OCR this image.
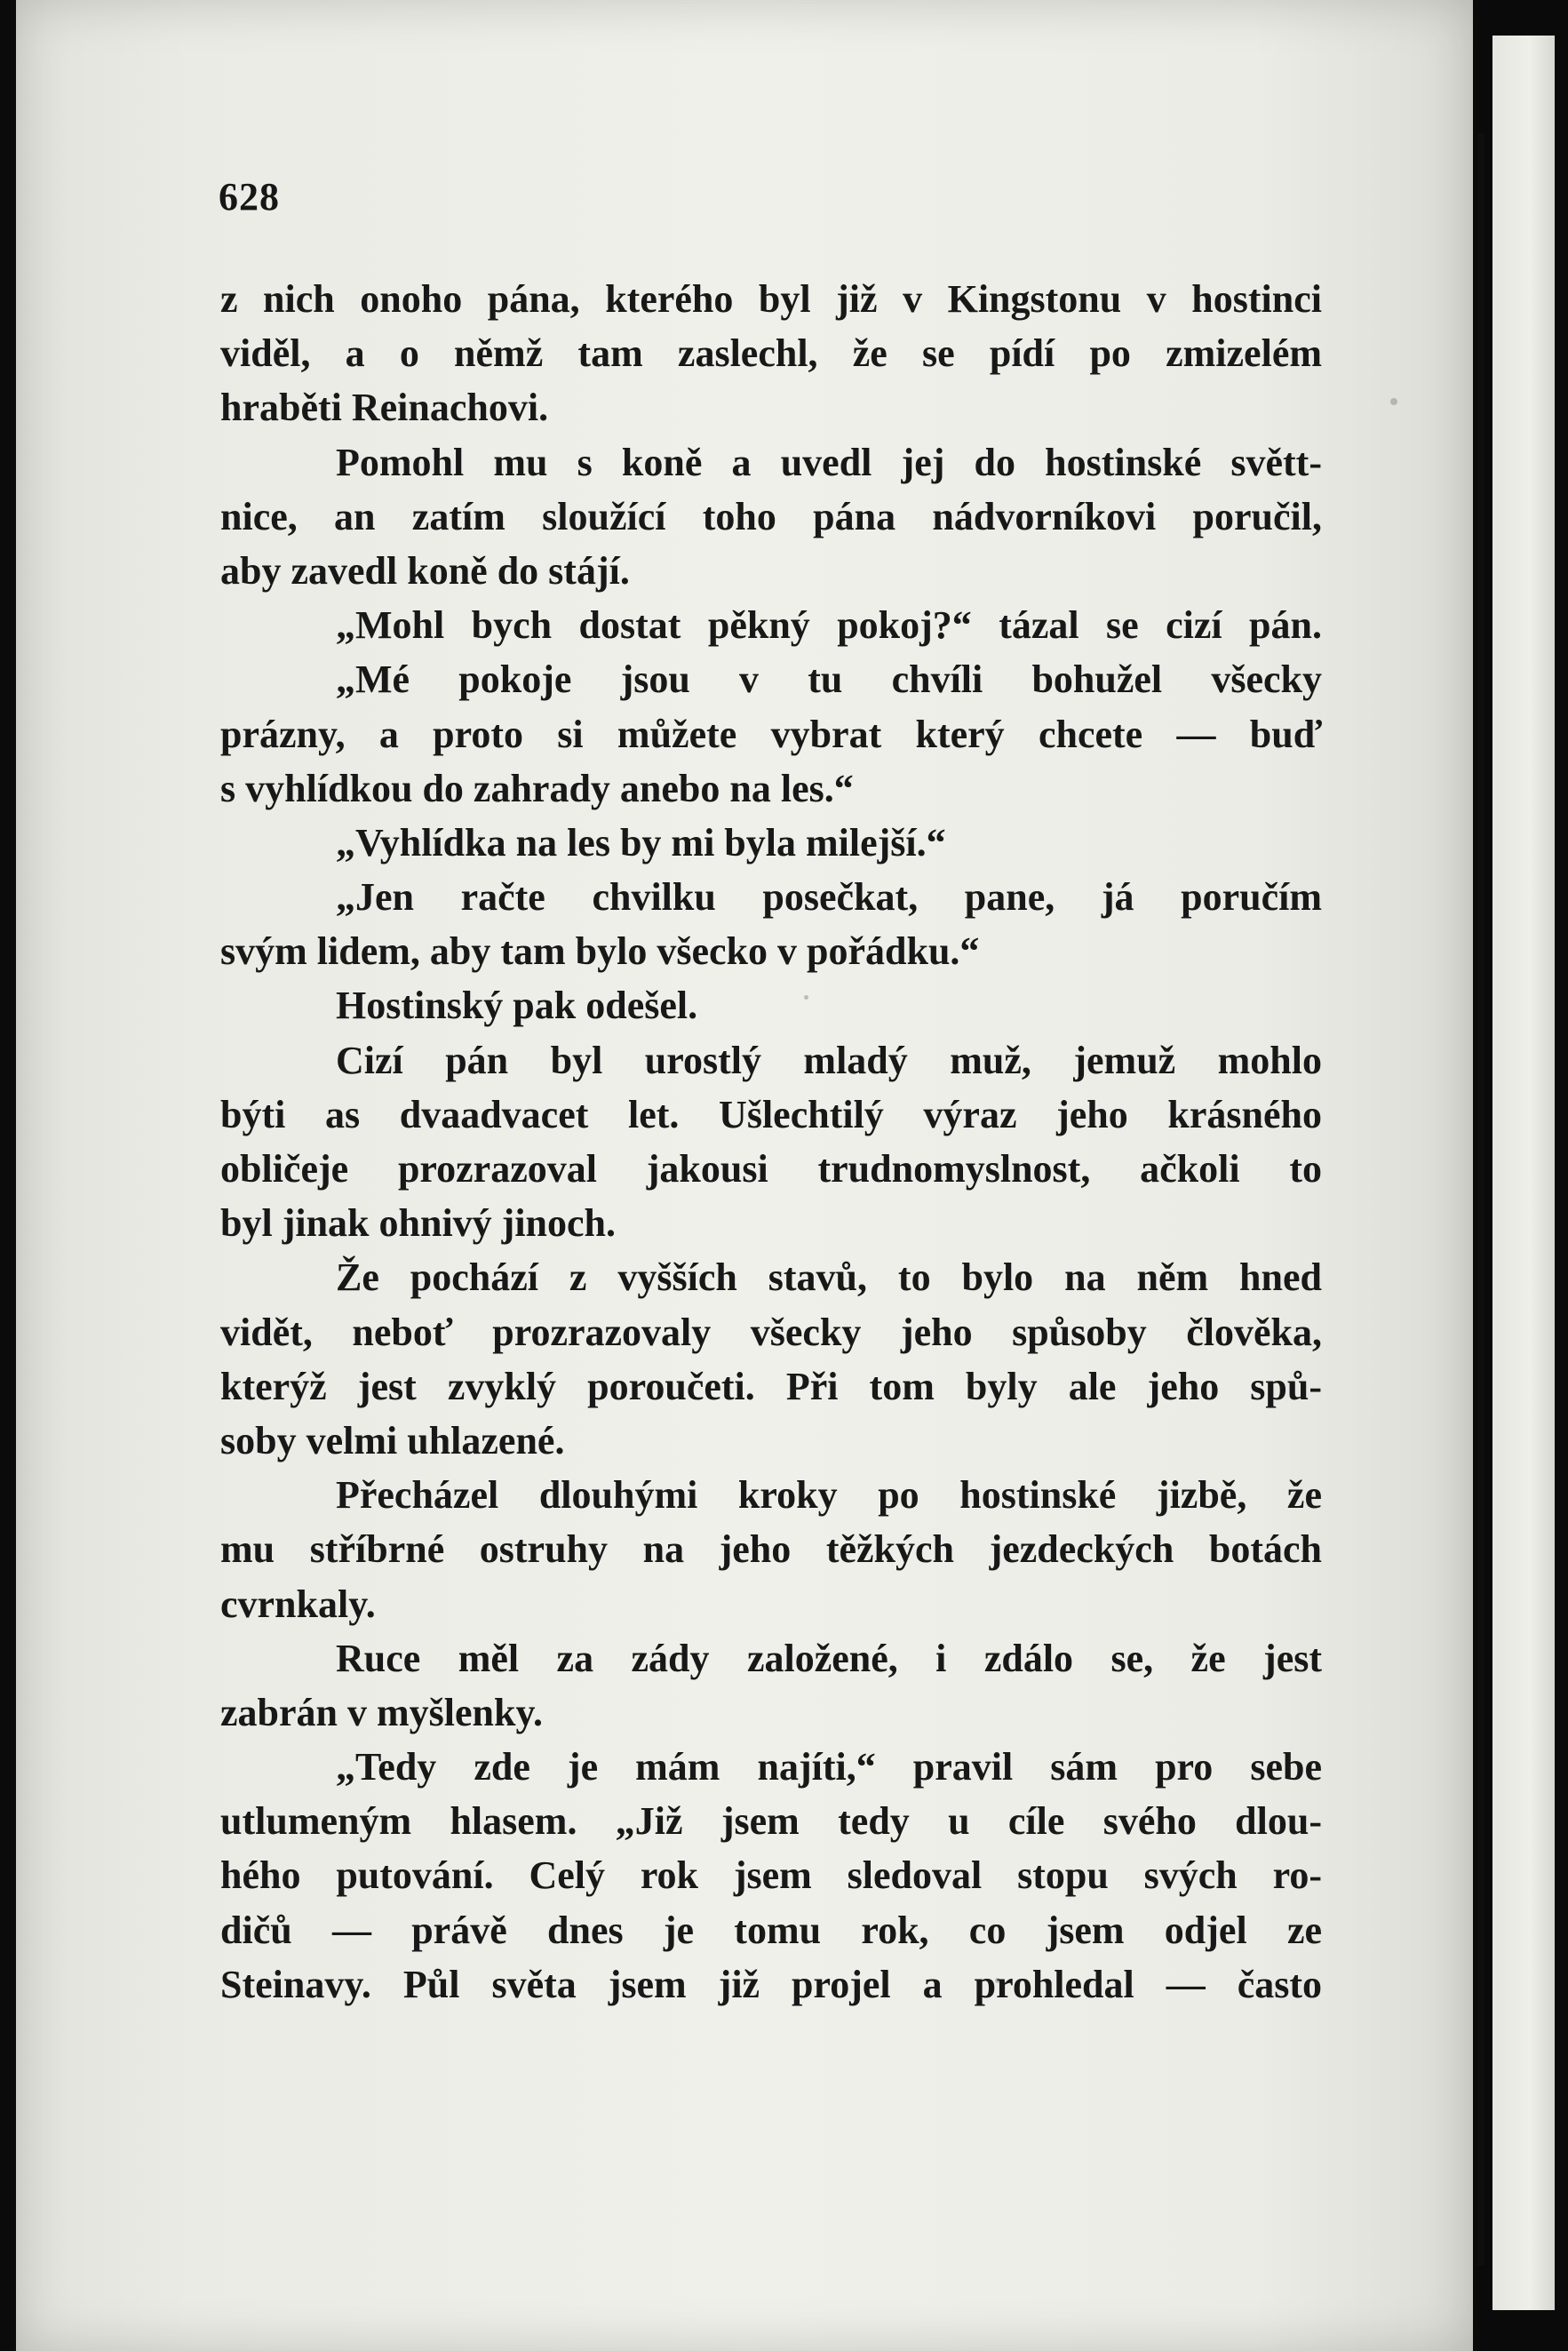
628
z nich onoho pána, kterého byl již v Kingstonu v hostinci
viděl, a o němž tam zaslechl, že se pídí po zmizelém
hraběti Reinachovi.
Pomohl mu s koně a uvedl jej do hostinské světt-
nice, an zatím sloužící toho pána nádvorníkovi poručil,
aby zavedl koně do stájí.
„Mohl bych dostat pěkný pokoj?“ tázal se cizí pán.
„Mé pokoje jsou v tu chvíli bohužel všecky
prázny, a proto si můžete vybrat který chcete — buď
s vyhlídkou do zahrady anebo na les.“
„Vyhlídka na les by mi byla milejší.“
„Jen račte chvilku posečkat, pane, já poručím
svým lidem, aby tam bylo všecko v pořádku.“
Hostinský pak odešel.
Cizí pán byl urostlý mladý muž, jemuž mohlo
býti as dvaadvacet let. Ušlechtilý výraz jeho krásného
obličeje prozrazoval jakousi trudnomyslnost, ačkoli to
byl jinak ohnivý jinoch.
Že pochází z vyšších stavů, to bylo na něm hned
vidět, neboť prozrazovaly všecky jeho spůsoby člověka,
kterýž jest zvyklý poroučeti. Při tom byly ale jeho spů-
soby velmi uhlazené.
Přecházel dlouhými kroky po hostinské jizbě, že
mu stříbrné ostruhy na jeho těžkých jezdeckých botách
cvrnkaly.
Ruce měl za zády založené, i zdálo se, že jest
zabrán v myšlenky.
„Tedy zde je mám najíti,“ pravil sám pro sebe
utlumeným hlasem. „Již jsem tedy u cíle svého dlou-
hého putování. Celý rok jsem sledoval stopu svých ro-
dičů — právě dnes je tomu rok, co jsem odjel ze
Steinavy. Půl světa jsem již projel a prohledal — často
